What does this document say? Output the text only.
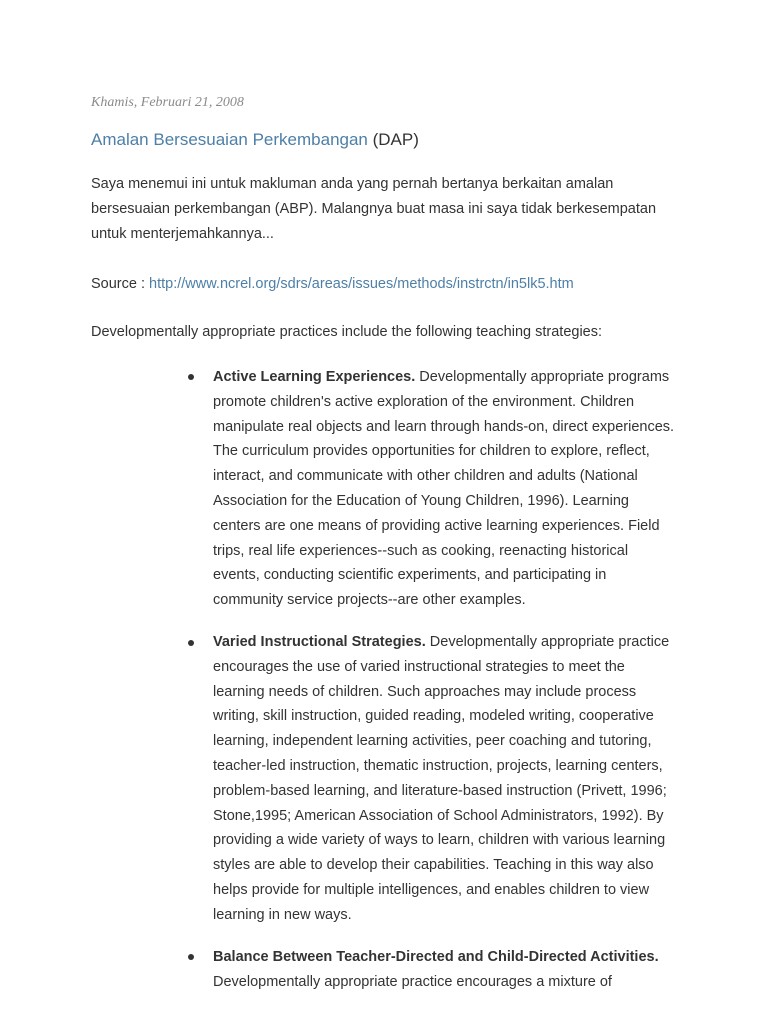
Khamis, Februari 21, 2008
Amalan Bersesuaian Perkembangan (DAP)

Saya menemui ini untuk makluman anda yang pernah bertanya berkaitan amalan bersesuaian perkembangan (ABP). Malangnya buat masa ini saya tidak berkesempatan untuk menterjemahkannya...

Source : http://www.ncrel.org/sdrs/areas/issues/methods/instrctn/in5lk5.htm

Developmentally appropriate practices include the following teaching strategies:

Active Learning Experiences. Developmentally appropriate programs promote children's active exploration of the environment. Children manipulate real objects and learn through hands-on, direct experiences. The curriculum provides opportunities for children to explore, reflect, interact, and communicate with other children and adults (National Association for the Education of Young Children, 1996). Learning centers are one means of providing active learning experiences. Field trips, real life experiences--such as cooking, reenacting historical events, conducting scientific experiments, and participating in community service projects--are other examples.

Varied Instructional Strategies. Developmentally appropriate practice encourages the use of varied instructional strategies to meet the learning needs of children. Such approaches may include process writing, skill instruction, guided reading, modeled writing, cooperative learning, independent learning activities, peer coaching and tutoring, teacher-led instruction, thematic instruction, projects, learning centers, problem-based learning, and literature-based instruction (Privett, 1996; Stone,1995; American Association of School Administrators, 1992). By providing a wide variety of ways to learn, children with various learning styles are able to develop their capabilities. Teaching in this way also helps provide for multiple intelligences, and enables children to view learning in new ways.

Balance Between Teacher-Directed and Child-Directed Activities. Developmentally appropriate practice encourages a mixture of
